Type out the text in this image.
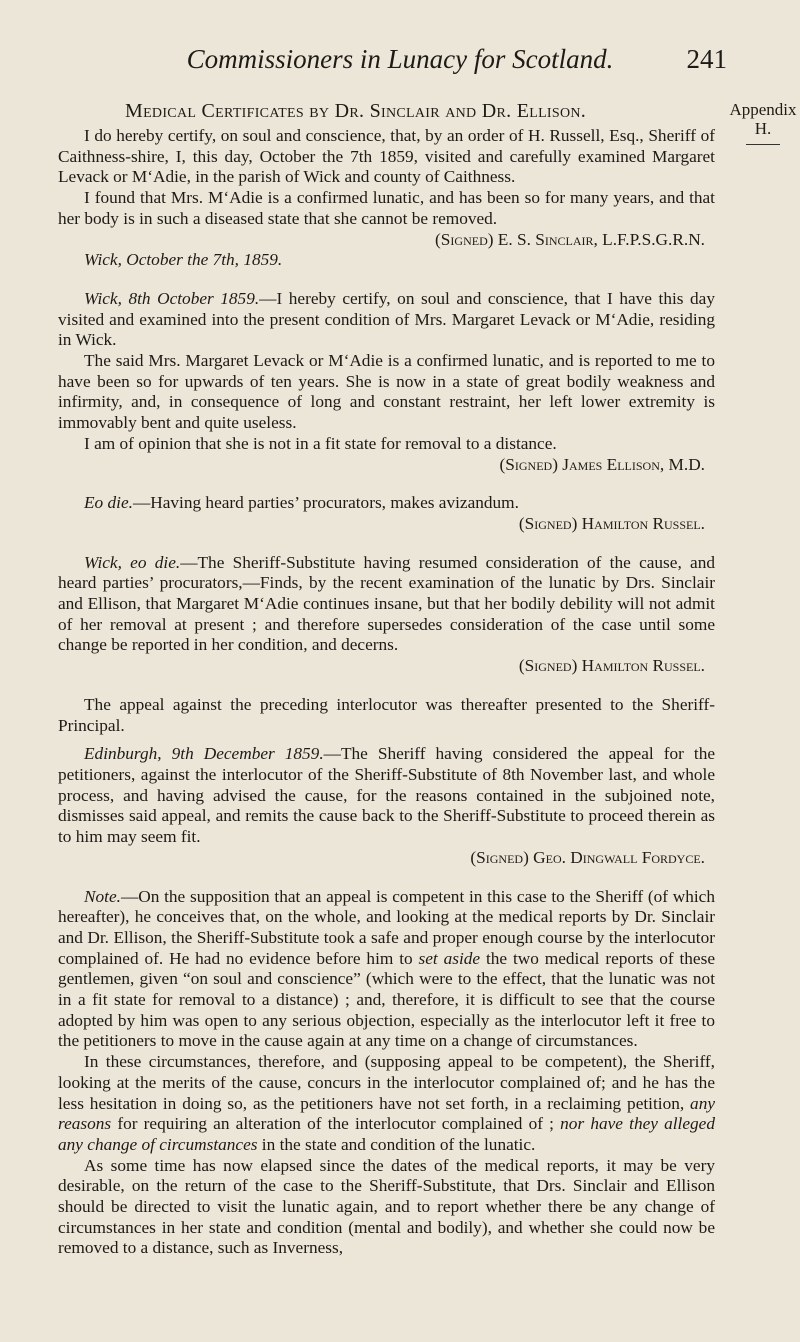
Commissioners in Lunacy for Scotland.	241
Appendix
H.
Medical Certificates by Dr. Sinclair and Dr. Ellison.

I do hereby certify, on soul and conscience, that, by an order of H. Russell, Esq., Sheriff of Caithness-shire, I, this day, October the 7th 1859, visited and carefully examined Margaret Levack or M‘Adie, in the parish of Wick and county of Caithness.

I found that Mrs. M‘Adie is a confirmed lunatic, and has been so for many years, and that her body is in such a diseased state that she cannot be removed.

(Signed) E. S. Sinclair, L.F.P.S.G.R.N.

Wick, October the 7th, 1859.

Wick, 8th October 1859.—I hereby certify, on soul and conscience, that I have this day visited and examined into the present condition of Mrs. Margaret Levack or M‘Adie, residing in Wick.

The said Mrs. Margaret Levack or M‘Adie is a confirmed lunatic, and is reported to me to have been so for upwards of ten years. She is now in a state of great bodily weakness and infirmity, and, in consequence of long and constant restraint, her left lower extremity is immovably bent and quite useless.

I am of opinion that she is not in a fit state for removal to a distance.

(Signed) James Ellison, M.D.

Eo die.—Having heard parties’ procurators, makes avizandum.

(Signed) Hamilton Russel.

Wick, eo die.—The Sheriff-Substitute having resumed consideration of the cause, and heard parties’ procurators,—Finds, by the recent examination of the lunatic by Drs. Sinclair and Ellison, that Margaret M‘Adie continues insane, but that her bodily debility will not admit of her removal at present ; and therefore supersedes consideration of the case until some change be reported in her condition, and decerns.

(Signed) Hamilton Russel.

The appeal against the preceding interlocutor was thereafter presented to the Sheriff-Principal.

Edinburgh, 9th December 1859.—The Sheriff having considered the appeal for the petitioners, against the interlocutor of the Sheriff-Substitute of 8th November last, and whole process, and having advised the cause, for the reasons contained in the subjoined note, dismisses said appeal, and remits the cause back to the Sheriff-Substitute to proceed therein as to him may seem fit.

(Signed) Geo. Dingwall Fordyce.

Note.—On the supposition that an appeal is competent in this case to the Sheriff (of which hereafter), he conceives that, on the whole, and looking at the medical reports by Dr. Sinclair and Dr. Ellison, the Sheriff-Substitute took a safe and proper enough course by the interlocutor complained of. He had no evidence before him to set aside the two medical reports of these gentlemen, given “on soul and conscience” (which were to the effect, that the lunatic was not in a fit state for removal to a distance) ; and, therefore, it is difficult to see that the course adopted by him was open to any serious objection, especially as the interlocutor left it free to the petitioners to move in the cause again at any time on a change of circumstances.

In these circumstances, therefore, and (supposing appeal to be competent), the Sheriff, looking at the merits of the cause, concurs in the interlocutor complained of; and he has the less hesitation in doing so, as the petitioners have not set forth, in a reclaiming petition, any reasons for requiring an alteration of the interlocutor complained of ; nor have they alleged any change of circumstances in the state and condition of the lunatic.

As some time has now elapsed since the dates of the medical reports, it may be very desirable, on the return of the case to the Sheriff-Substitute, that Drs. Sinclair and Ellison should be directed to visit the lunatic again, and to report whether there be any change of circumstances in her state and condition (mental and bodily), and whether she could now be removed to a distance, such as Inverness,
